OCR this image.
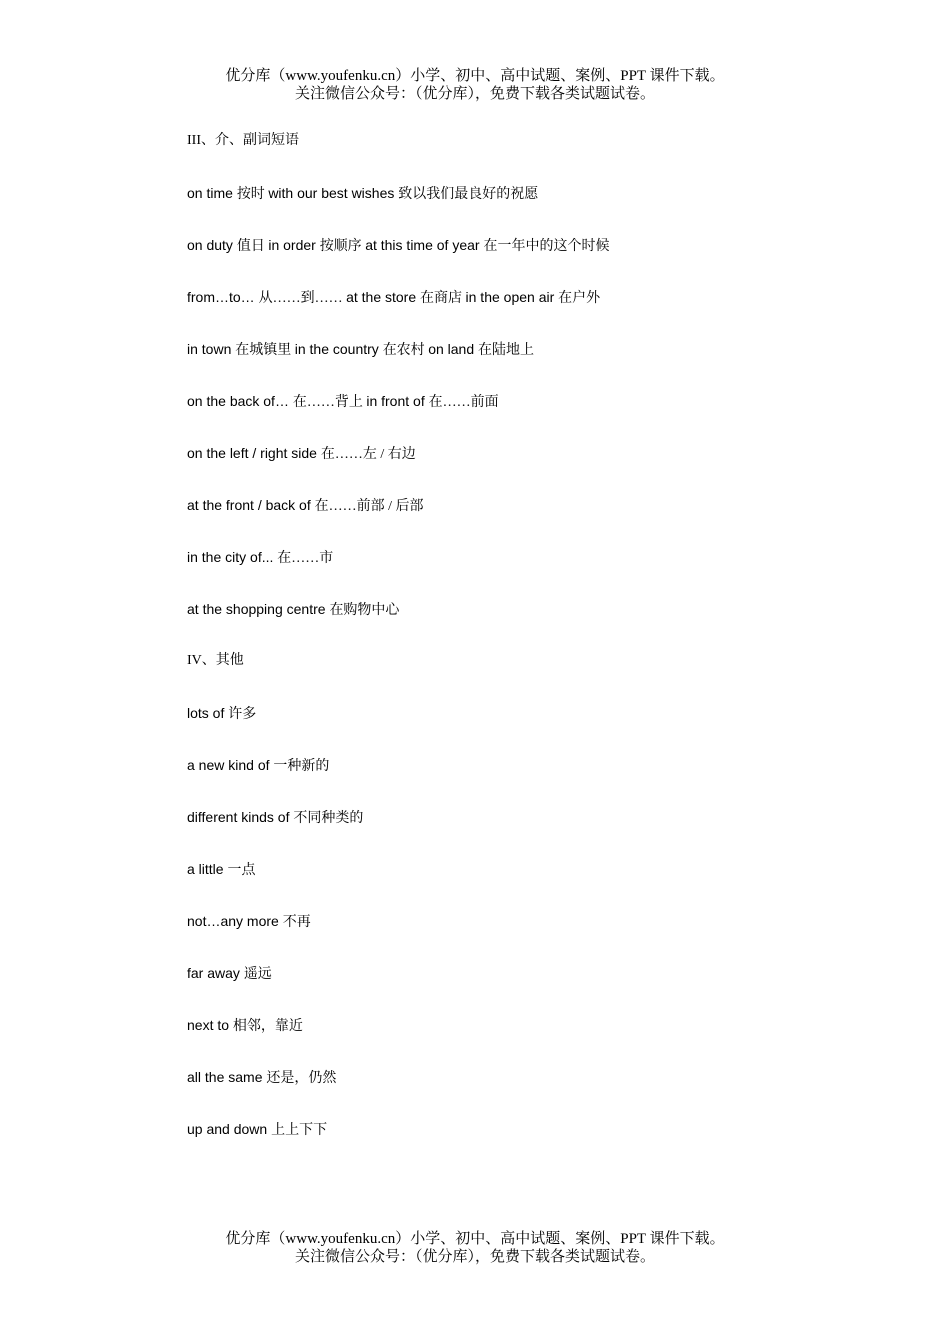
优分库（www.youfenku.cn）小学、初中、高中试题、案例、PPT 课件下载。
关注微信公众号：（优分库），免费下载各类试题试卷。
III、介、副词短语
on time 按时 with our best wishes 致以我们最良好的祝愿
on duty 值日 in order 按顺序 at this time of year 在一年中的这个时候
from…to… 从……到…… at the store 在商店 in the open air 在户外
in town 在城镇里 in the country 在农村 on land 在陆地上
on the back of… 在……背上 in front of 在……前面
on the left / right side 在……左 / 右边
at the front / back of 在……前部 / 后部
in the city of... 在……市
at the shopping centre 在购物中心
IV、其他
lots of 许多
a new kind of 一种新的
different kinds of 不同种类的
a little 一点
not…any more 不再
far away 遥远
next to 相邻，靠近
all the same 还是，仍然
up and down 上上下下
优分库（www.youfenku.cn）小学、初中、高中试题、案例、PPT 课件下载。
关注微信公众号：（优分库），免费下载各类试题试卷。
